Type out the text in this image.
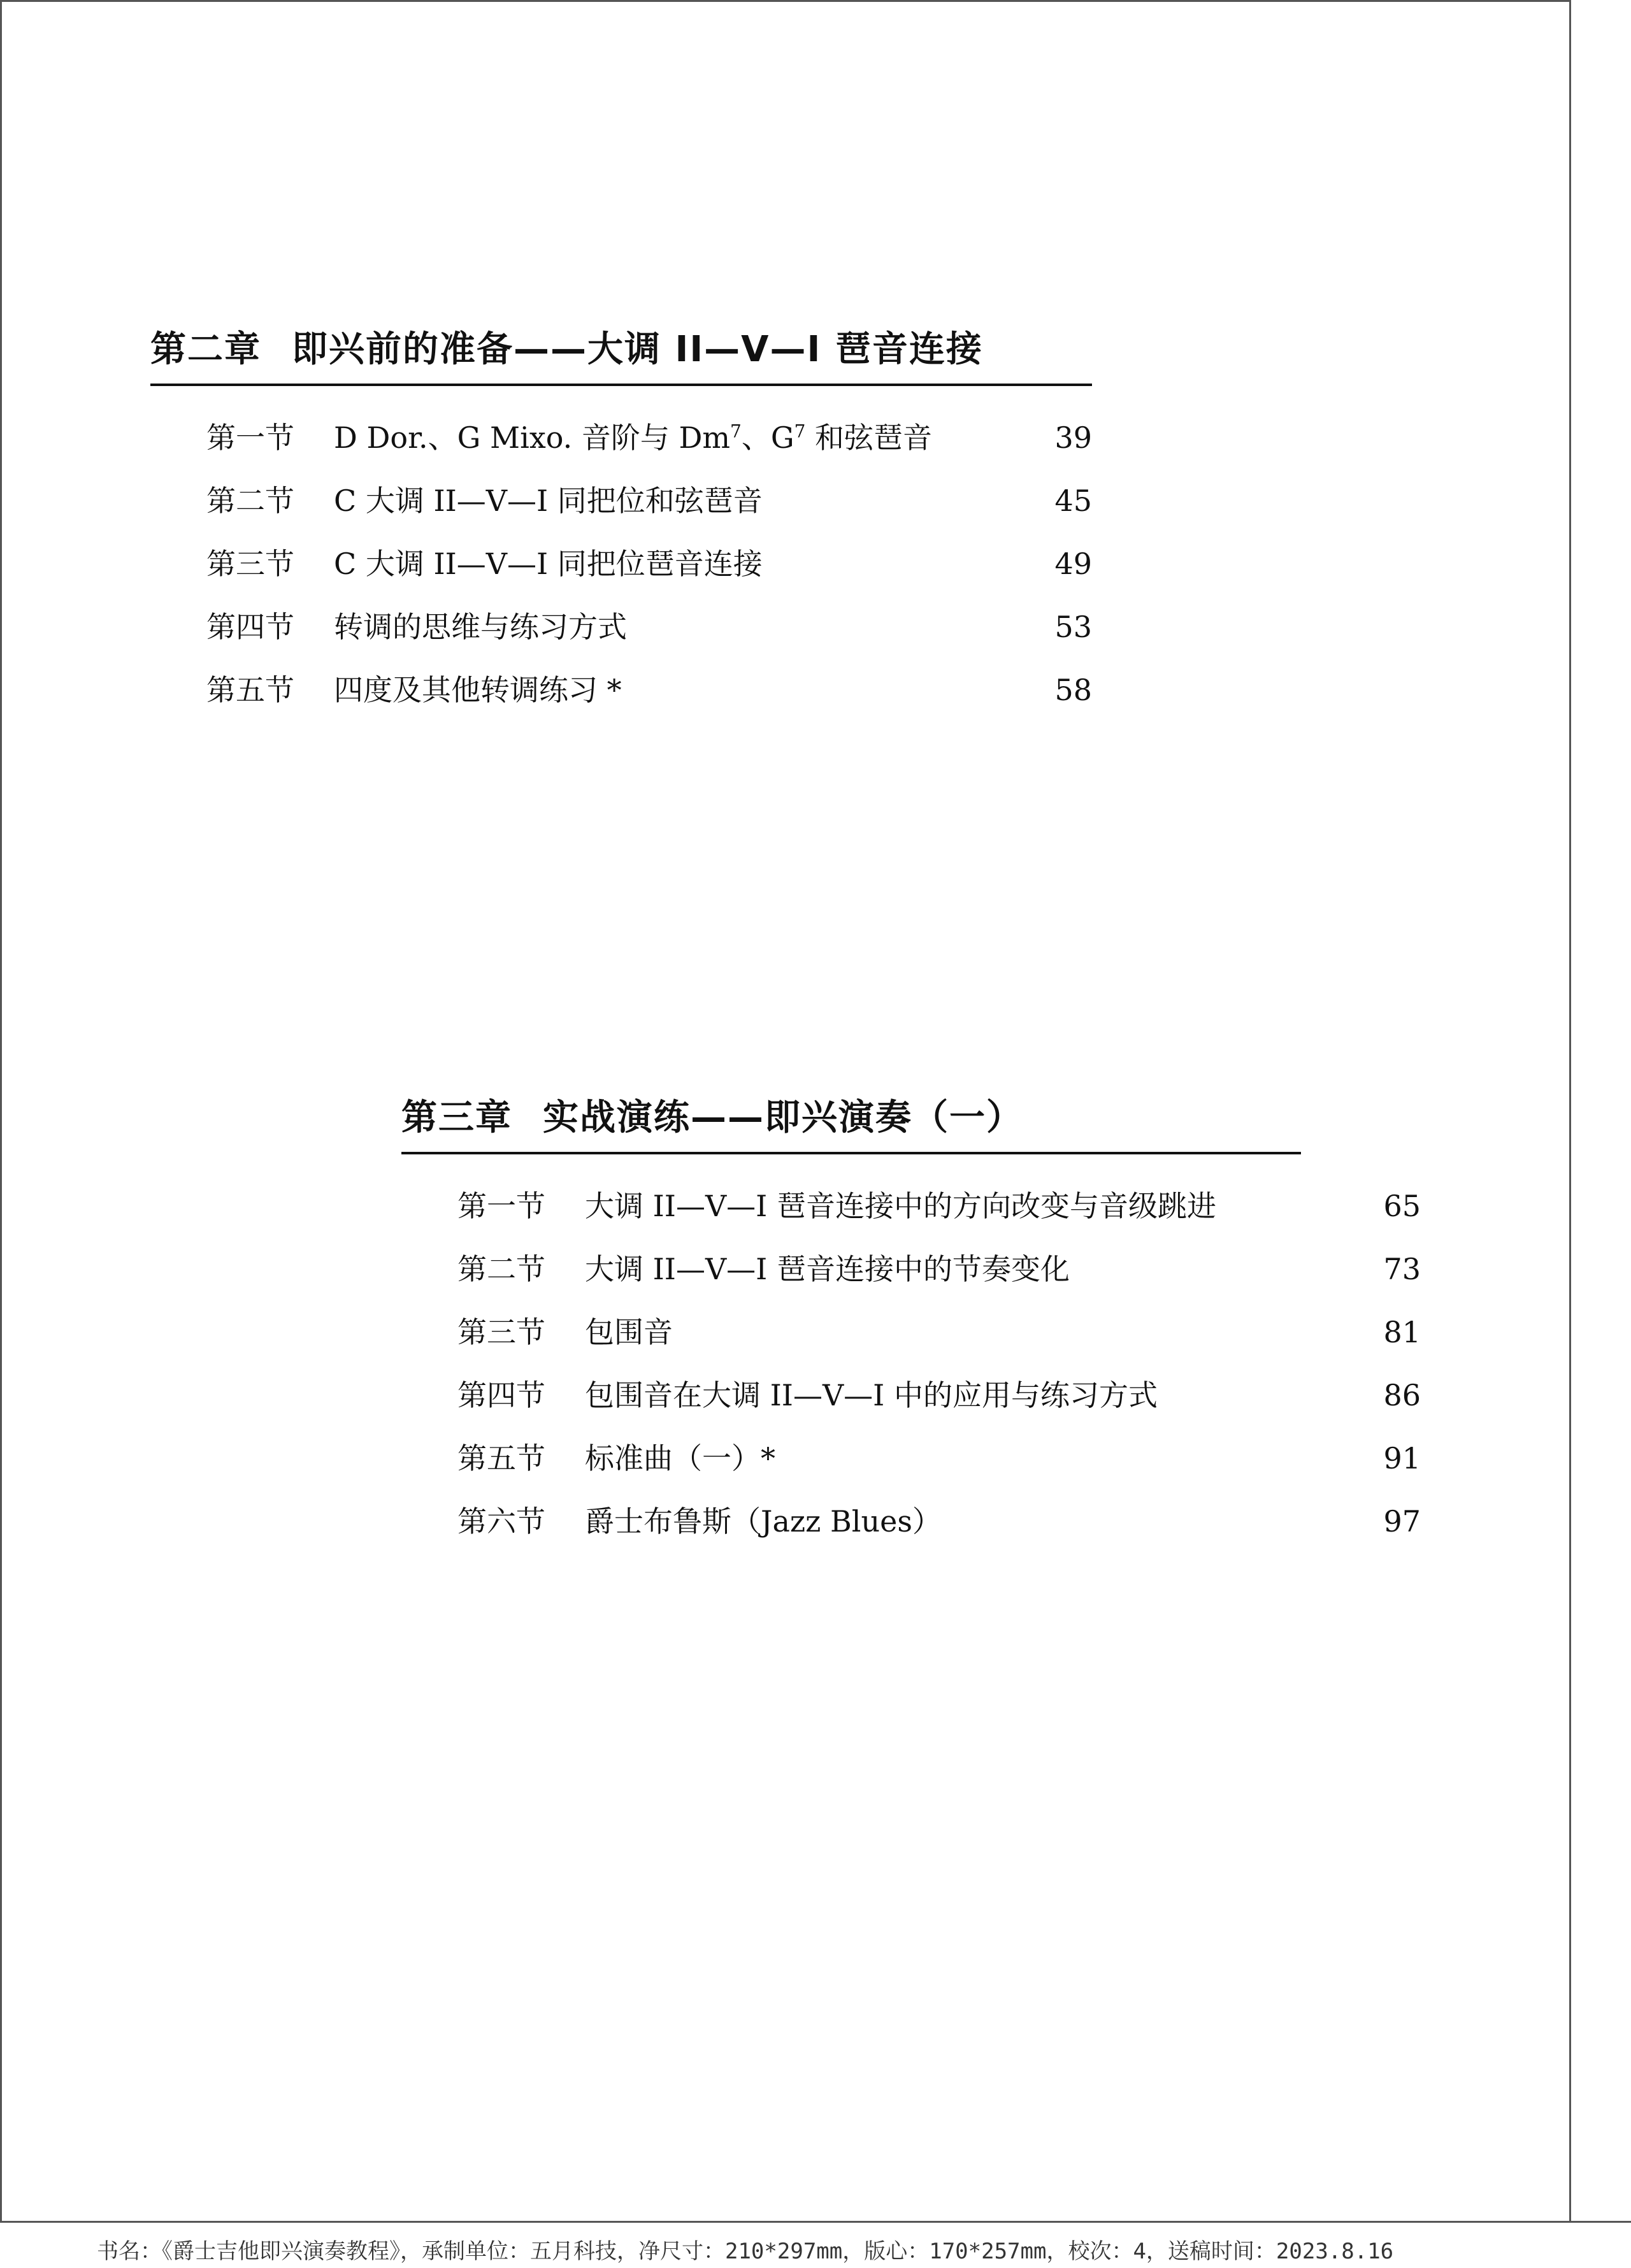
第二章 即兴前的准备——大调 II—V—I 琶音连接
第一节 D Dor.、G Mixo. 音阶与 Dm$^7$、$G^7$ 和弦琶音	39
第二节 C 大调 II—V—I 同把位和弦琶音	45
第三节 C 大调 II—V—I 同把位琶音连接	49
第四节 转调的思维与练习方式	53
第五节 四度及其他转调练习 *	58
第三章 实战演练——即兴演奏（一）
第一节 大调 II—V—I 琶音连接中的方向改变与音级跳进	65
第二节 大调 II—V—I 琶音连接中的节奏变化	73
第三节 包围音	81
第四节 包围音在大调 II—V—I 中的应用与练习方式	86
第五节 标准曲（一）*	91
第六节 爵士布鲁斯（Jazz Blues）	97
书名：《爵士吉他即兴演奏教程》，承制单位：五月科技，净尺寸：210*297mm，版心：170*257mm，校次：4，送稿时间：2023.8.16
